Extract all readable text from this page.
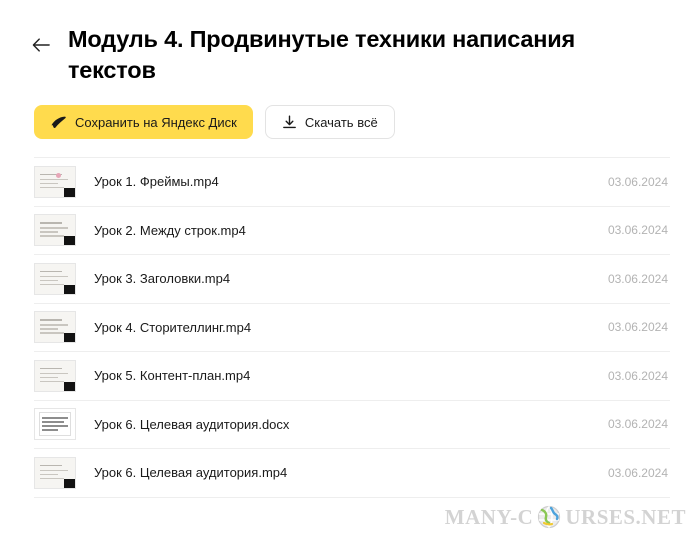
Модуль 4. Продвинутые техники написания текстов
Сохранить на Яндекс Диск	Скачать всё
Урок 1. Фреймы.mp4	03.06.2024
Урок 2. Между строк.mp4	03.06.2024
Урок 3. Заголовки.mp4	03.06.2024
Урок 4. Сторителлинг.mp4	03.06.2024
Урок 5. Контент-план.mp4	03.06.2024
Урок 6. Целевая аудитория.docx	03.06.2024
Урок 6. Целевая аудитория.mp4	03.06.2024
MANY-C URSES.NET
